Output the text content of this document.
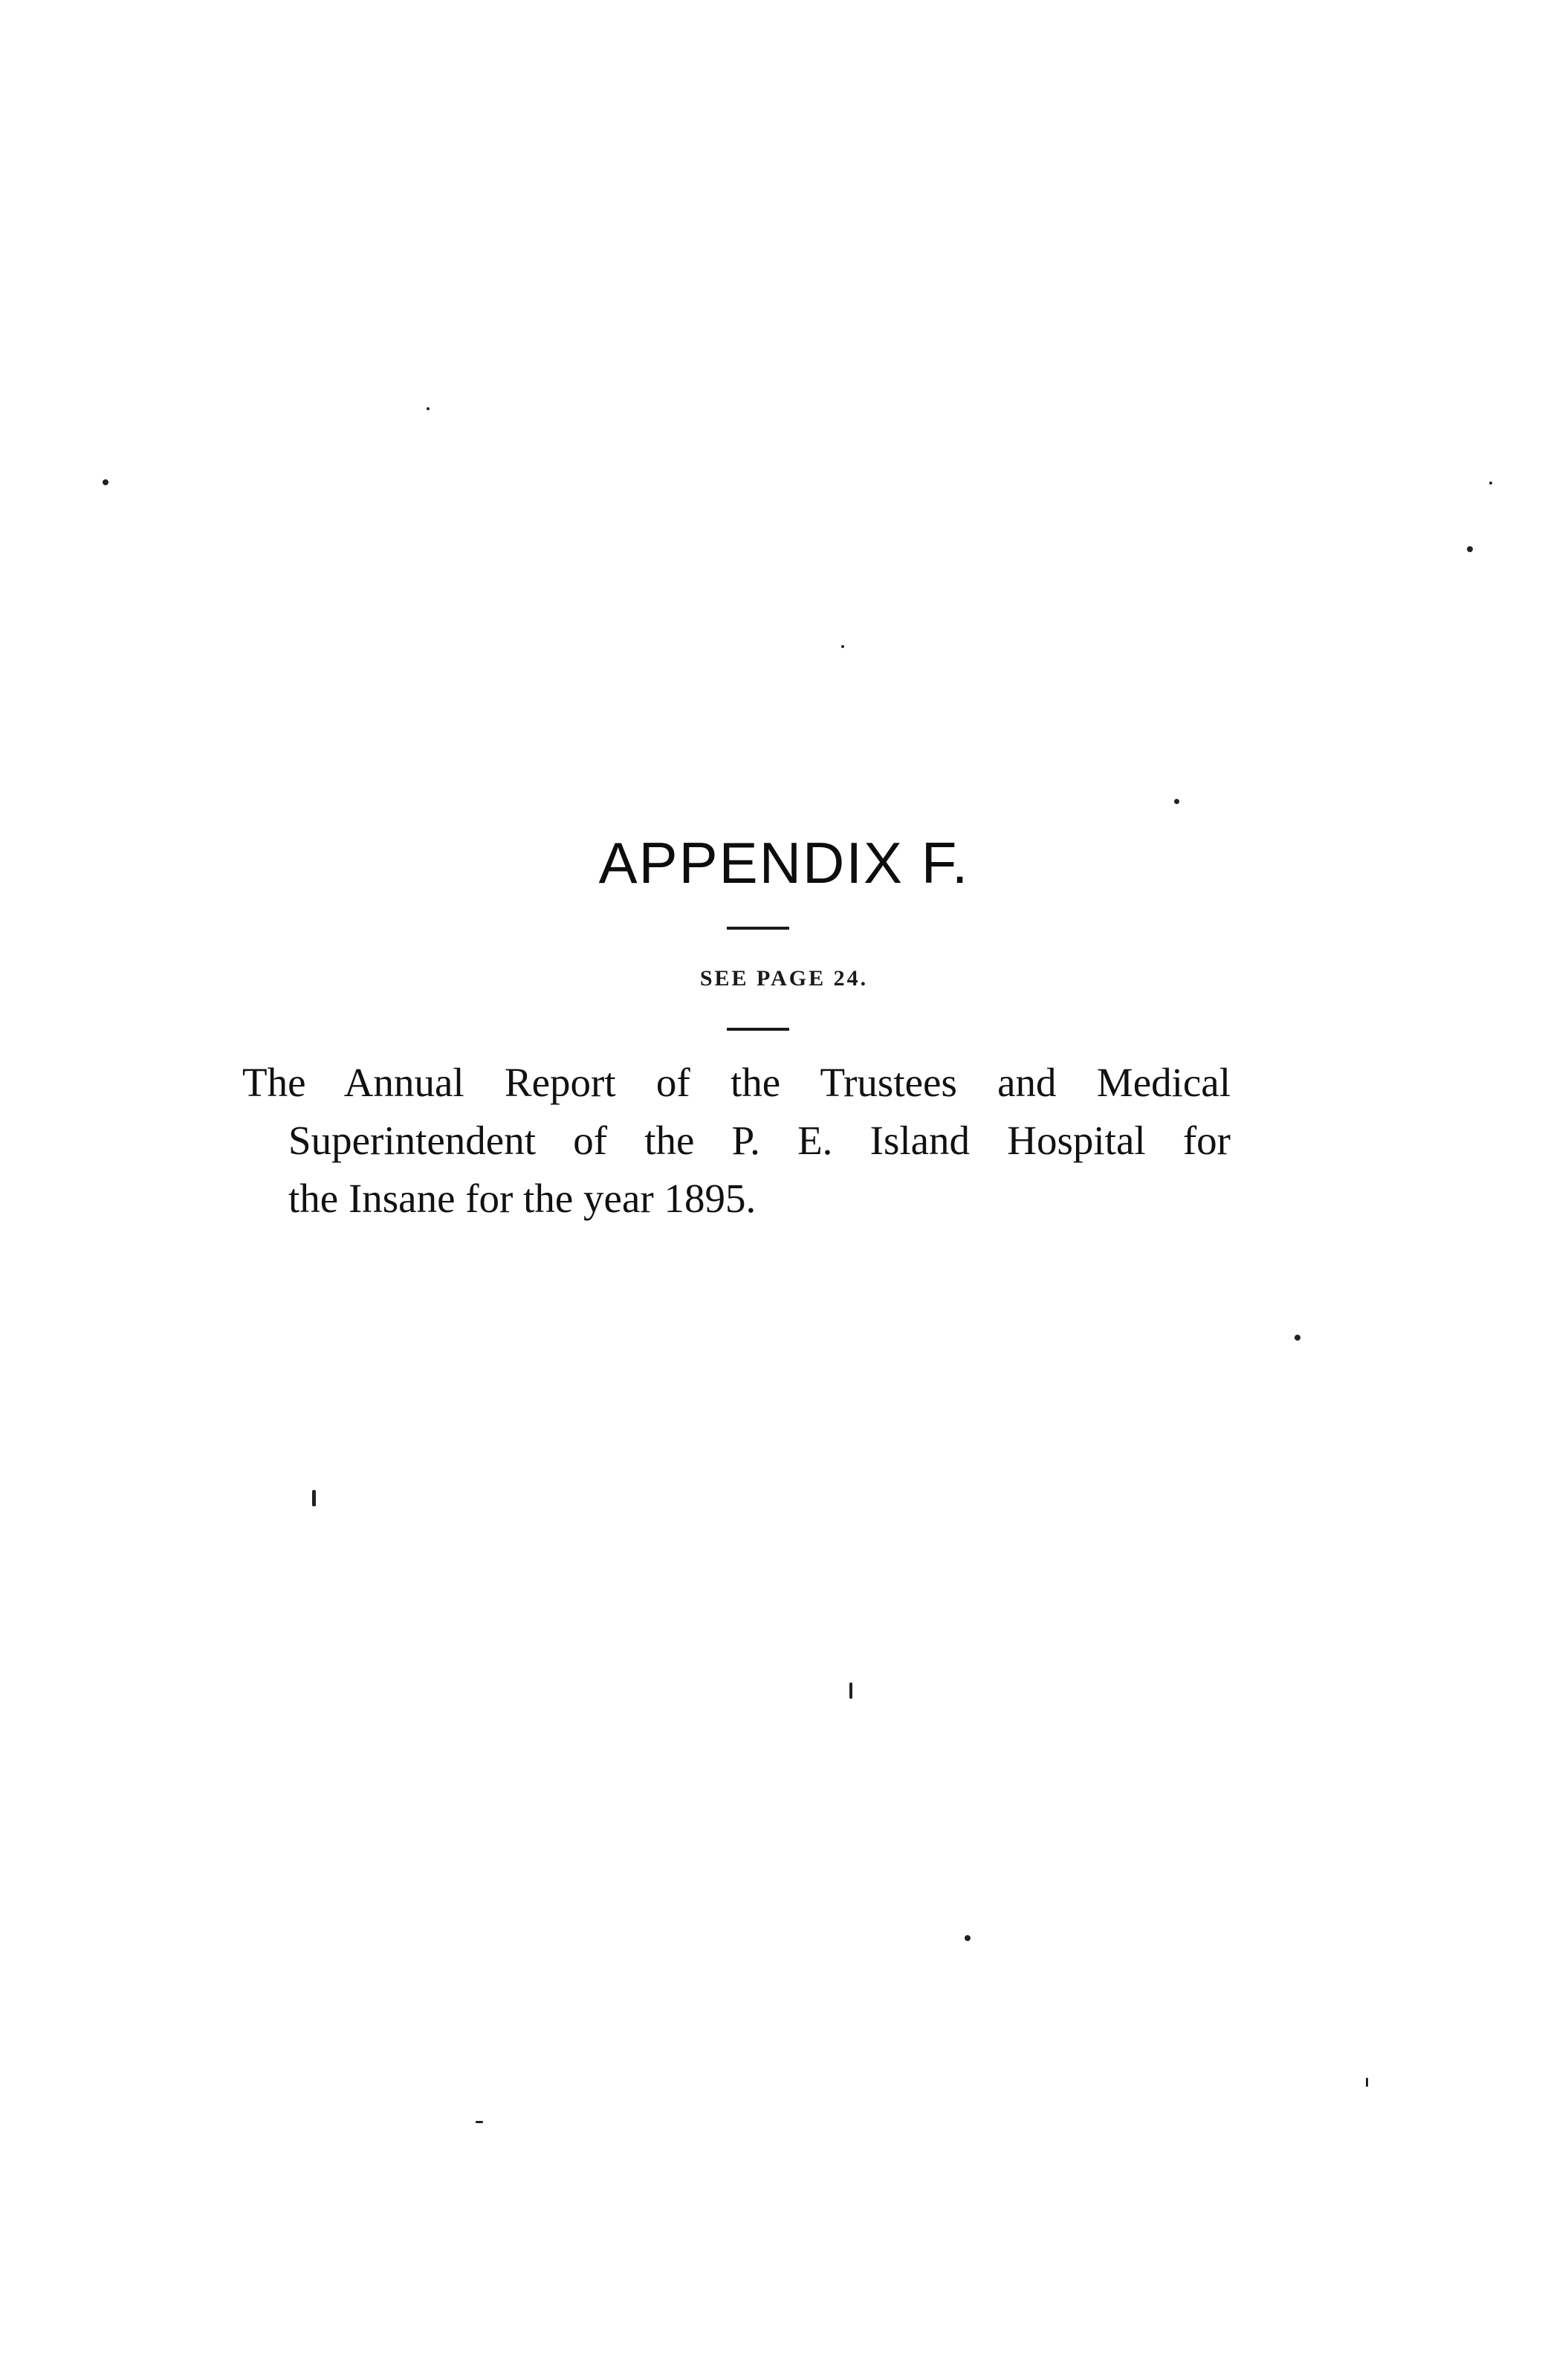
APPENDIX F.
SEE PAGE 24.
The Annual Report of the Trustees and Medical
Superintendent of the P. E. Island Hospital for
the Insane for the year 1895.
